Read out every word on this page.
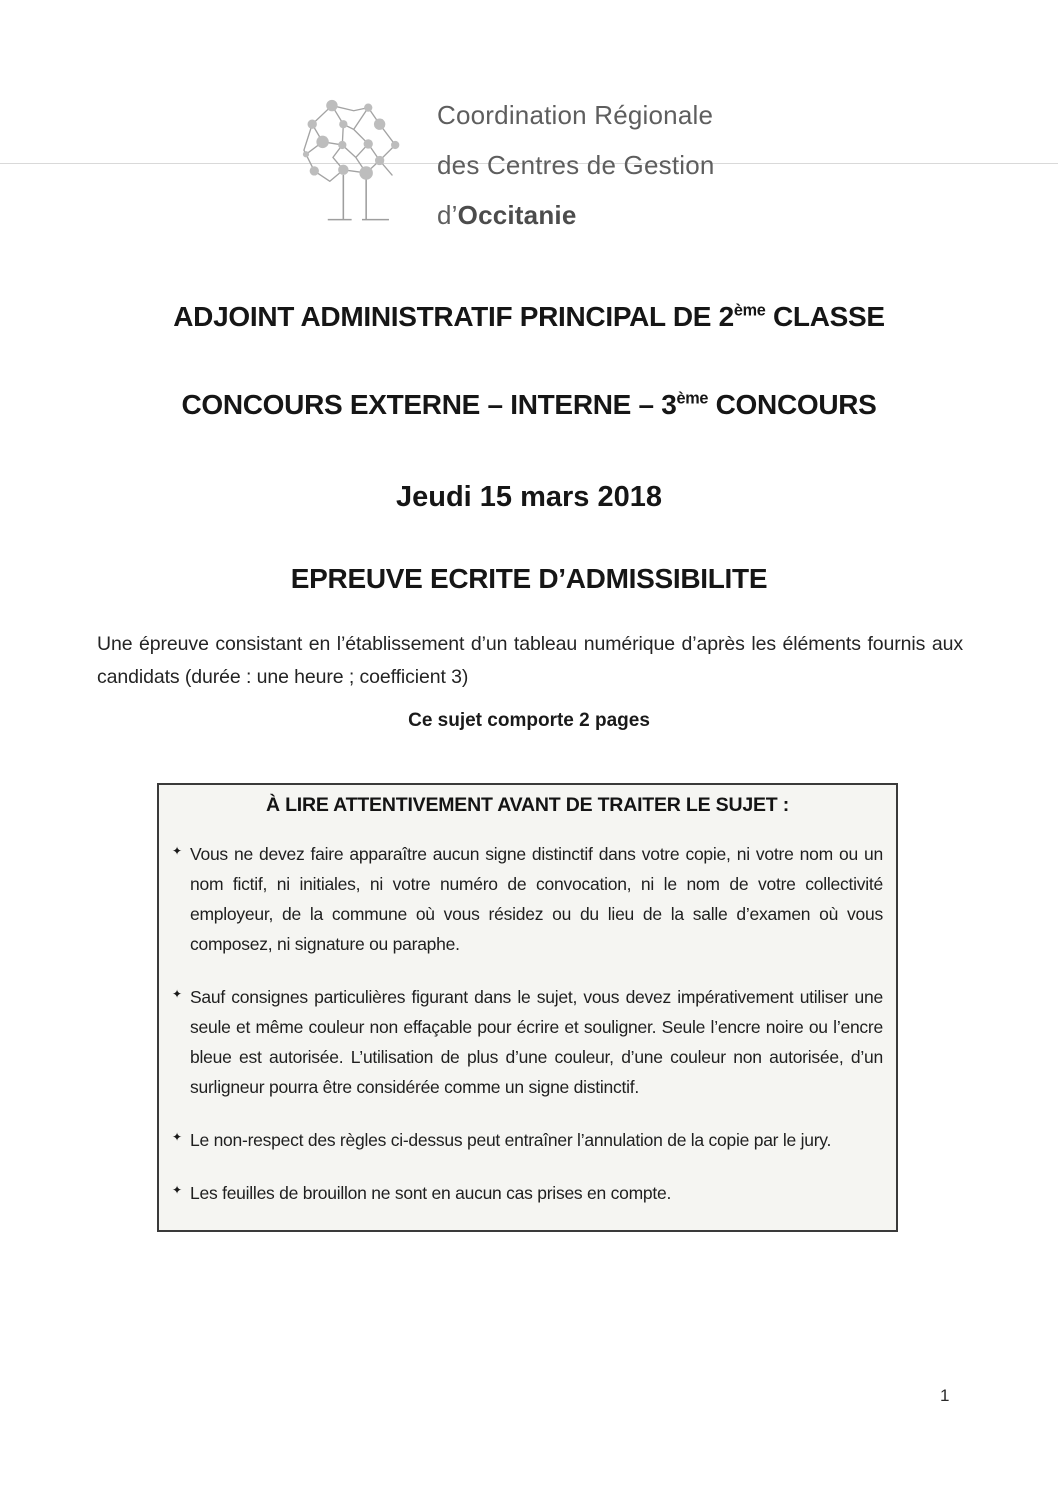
Coordination Régionale
des Centres de Gestion
d’Occitanie
ADJOINT ADMINISTRATIF PRINCIPAL DE 2ème CLASSE
CONCOURS EXTERNE – INTERNE – 3ème CONCOURS
Jeudi 15 mars 2018
EPREUVE ECRITE D’ADMISSIBILITE
Une épreuve consistant en l’établissement d’un tableau numérique d’après les éléments fournis aux candidats (durée : une heure ; coefficient 3)
Ce sujet comporte 2 pages
À LIRE ATTENTIVEMENT AVANT DE TRAITER LE SUJET :
✦ Vous ne devez faire apparaître aucun signe distinctif dans votre copie, ni votre nom ou un nom fictif, ni initiales, ni votre numéro de convocation, ni le nom de votre collectivité employeur, de la commune où vous résidez ou du lieu de la salle d’examen où vous composez, ni signature ou paraphe.
✦ Sauf consignes particulières figurant dans le sujet, vous devez impérativement utiliser une seule et même couleur non effaçable pour écrire et souligner. Seule l’encre noire ou l’encre bleue est autorisée. L’utilisation de plus d’une couleur, d’une couleur non autorisée, d’un surligneur pourra être considérée comme un signe distinctif.
✦ Le non-respect des règles ci-dessus peut entraîner l’annulation de la copie par le jury.
✦ Les feuilles de brouillon ne sont en aucun cas prises en compte.
1
